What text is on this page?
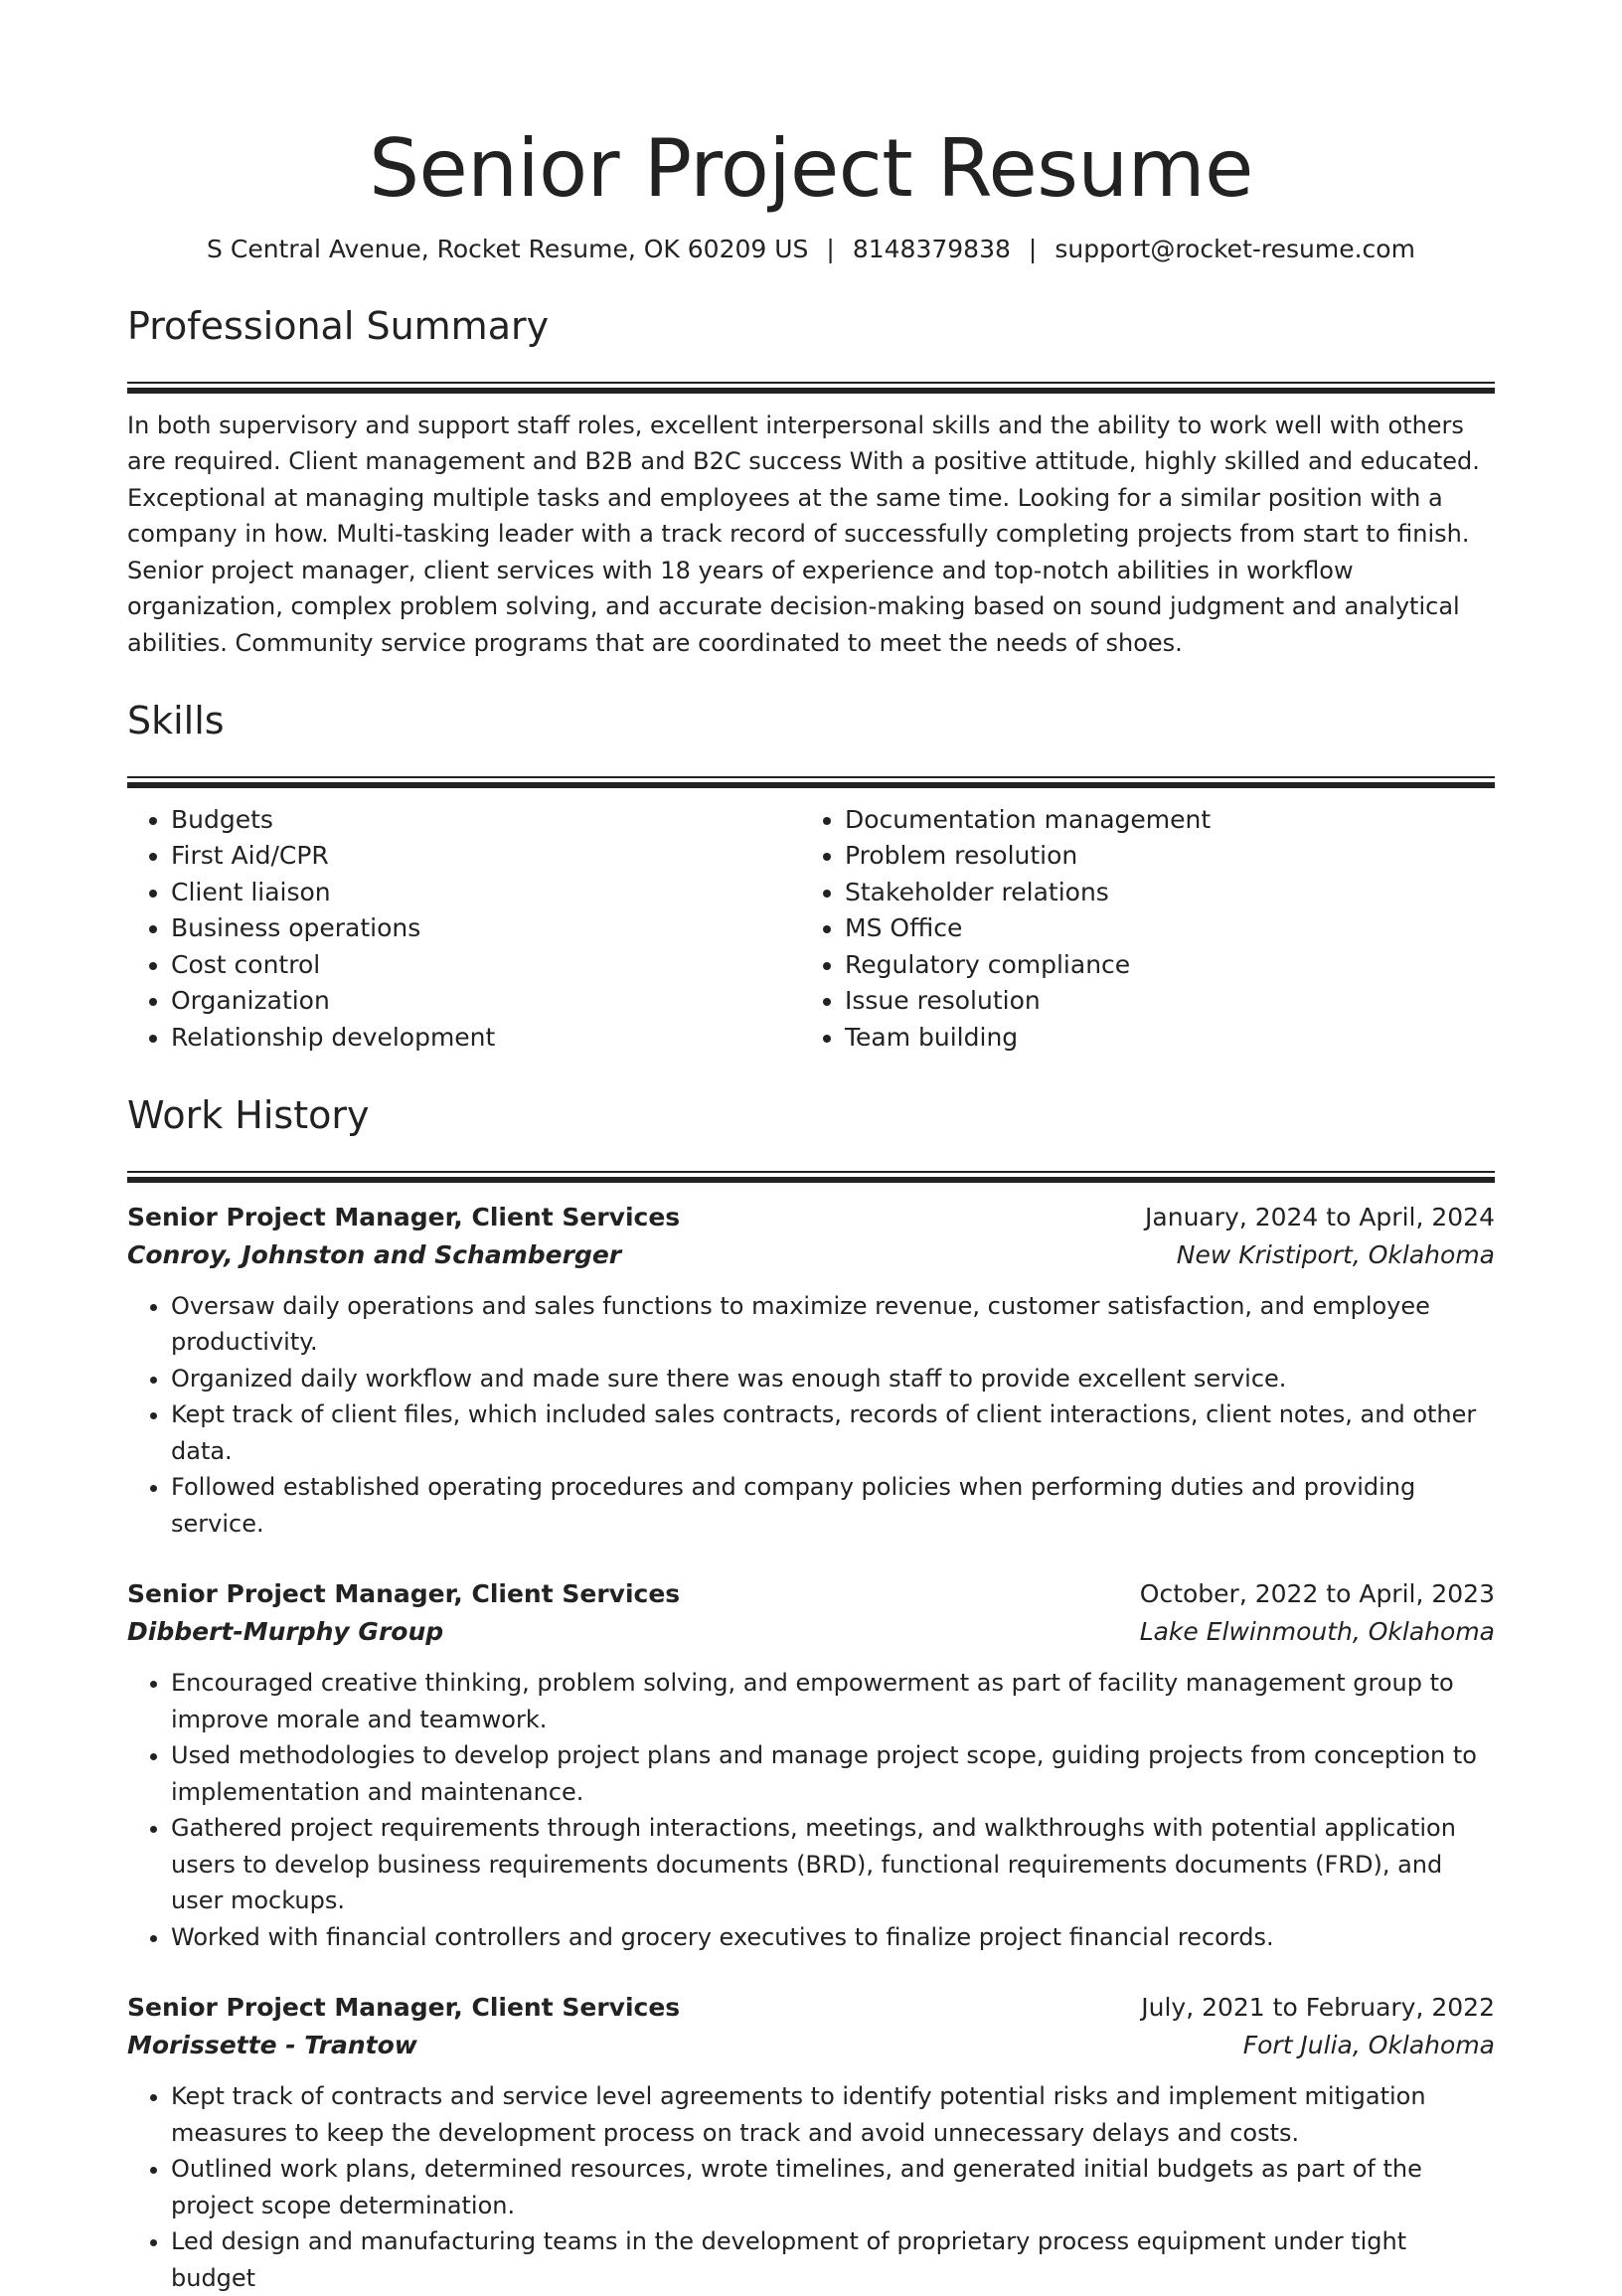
Senior Project Resume
S Central Avenue, Rocket Resume, OK 60209 US | 8148379838 | support@rocket-resume.com
Professional Summary

In both supervisory and support staff roles, excellent interpersonal skills and the ability to work well with others are required. Client management and B2B and B2C success With a positive attitude, highly skilled and educated. Exceptional at managing multiple tasks and employees at the same time. Looking for a similar position with a company in how. Multi-tasking leader with a track record of successfully completing projects from start to finish. Senior project manager, client services with 18 years of experience and top-notch abilities in workflow organization, complex problem solving, and accurate decision-making based on sound judgment and analytical abilities. Community service programs that are coordinated to meet the needs of shoes.

Skills
• Budgets
• First Aid/CPR
• Client liaison
• Business operations
• Cost control
• Organization
• Relationship development
• Documentation management
• Problem resolution
• Stakeholder relations
• MS Office
• Regulatory compliance
• Issue resolution
• Team building
Work History
Senior Project Manager, Client Services	January, 2024 to April, 2024
Conroy, Johnston and Schamberger	New Kristiport, Oklahoma
• Oversaw daily operations and sales functions to maximize revenue, customer satisfaction, and employee productivity.
• Organized daily workflow and made sure there was enough staff to provide excellent service.
• Kept track of client files, which included sales contracts, records of client interactions, client notes, and other data.
• Followed established operating procedures and company policies when performing duties and providing service.
Senior Project Manager, Client Services	October, 2022 to April, 2023
Dibbert-Murphy Group	Lake Elwinmouth, Oklahoma
• Encouraged creative thinking, problem solving, and empowerment as part of facility management group to improve morale and teamwork.
• Used methodologies to develop project plans and manage project scope, guiding projects from conception to implementation and maintenance.
• Gathered project requirements through interactions, meetings, and walkthroughs with potential application users to develop business requirements documents (BRD), functional requirements documents (FRD), and user mockups.
• Worked with financial controllers and grocery executives to finalize project financial records.
Senior Project Manager, Client Services	July, 2021 to February, 2022
Morissette - Trantow	Fort Julia, Oklahoma
• Kept track of contracts and service level agreements to identify potential risks and implement mitigation measures to keep the development process on track and avoid unnecessary delays and costs.
• Outlined work plans, determined resources, wrote timelines, and generated initial budgets as part of the project scope determination.
• Led design and manufacturing teams in the development of proprietary process equipment under tight budget
